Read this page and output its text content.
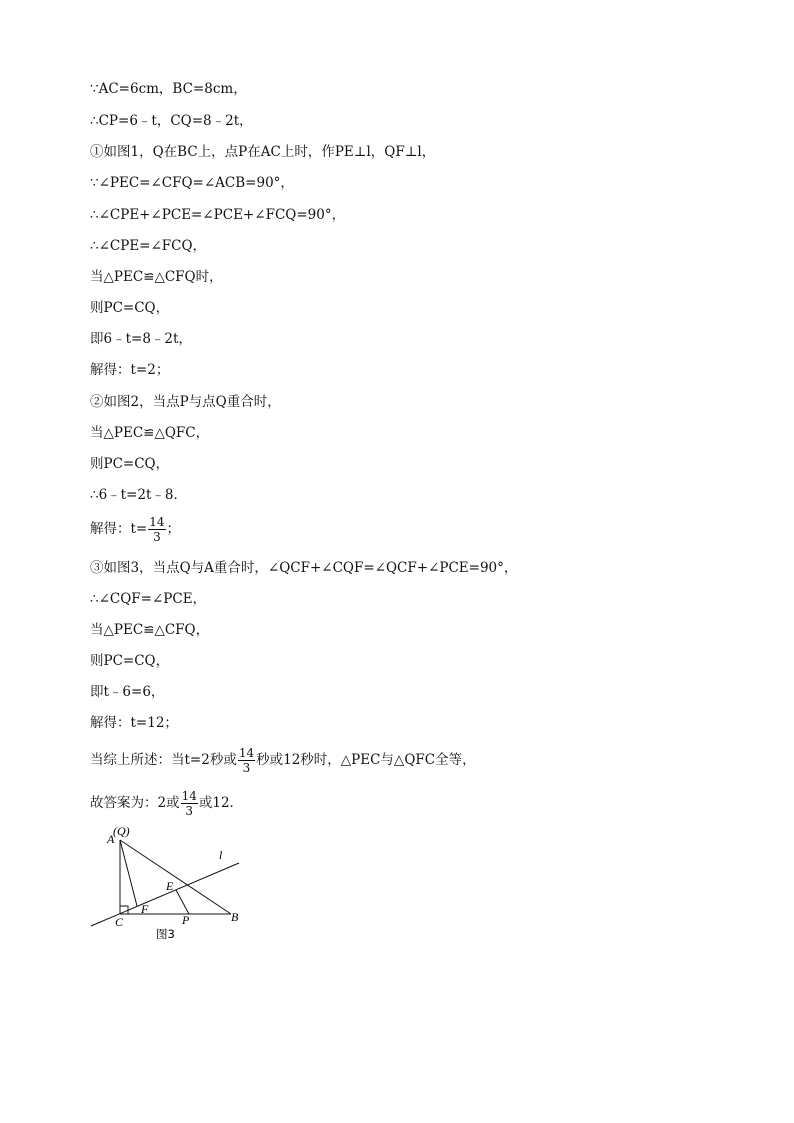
∵AC=6cm，BC=8cm，
∴CP=6﹣t，CQ=8﹣2t，
①如图1，Q在BC上，点P在AC上时，作PE⊥l，QF⊥l，
∵∠PEC=∠CFQ=∠ACB=90°，
∴∠CPE+∠PCE=∠PCE+∠FCQ=90°，
∴∠CPE=∠FCQ，
当△PEC≌△CFQ时，
则PC=CQ，
即6﹣t=8﹣2t，
解得：t=2；
②如图2，当点P与点Q重合时，
当△PEC≌△QFC，
则PC=CQ，
∴6﹣t=2t﹣8．
解得：$t= \frac{14}{3}$ ；
③如图3，当点Q与A重合时，∠QCF+∠CQF=∠QCF+∠PCE=90°，
∴∠CQF=∠PCE，
当△PEC≌△CFQ，
则PC=CQ，
即t﹣6=6，
解得：t=12；
当综上所述：当t=2秒或 $\frac{14}{3}$ 秒或12秒时，△PEC与△QFC全等，
故答案为：2或 $\frac{14}{3}$ 或12．
(Q)
A
l
E
F
C	P	B
图3
